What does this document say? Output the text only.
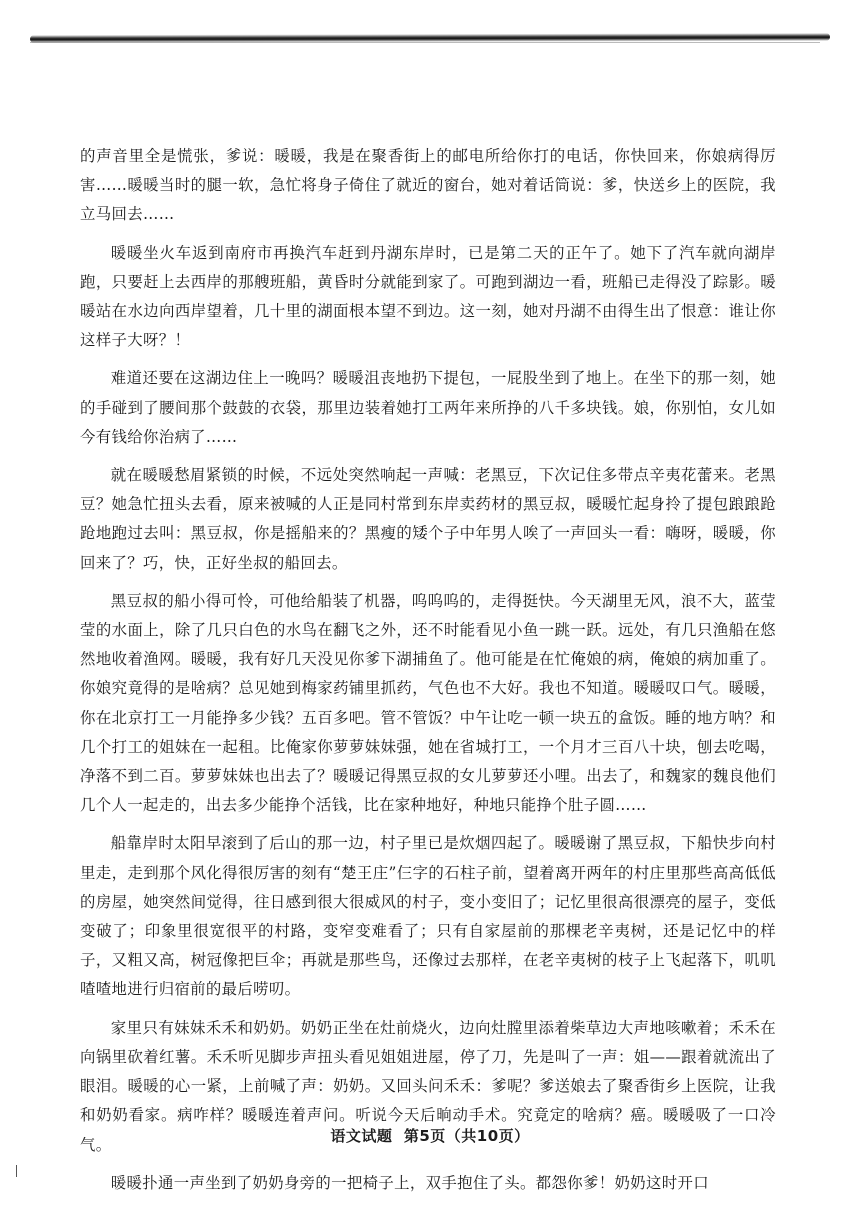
的声音里全是慌张，爹说：暖暖，我是在聚香街上的邮电所给你打的电话，你快回来，你娘病得厉害……暖暖当时的腿一软，急忙将身子倚住了就近的窗台，她对着话筒说：爹，快送乡上的医院，我立马回去……

暖暖坐火车返到南府市再换汽车赶到丹湖东岸时，已是第二天的正午了。她下了汽车就向湖岸跑，只要赶上去西岸的那艘班船，黄昏时分就能到家了。可跑到湖边一看，班船已走得没了踪影。暖暖站在水边向西岸望着，几十里的湖面根本望不到边。这一刻，她对丹湖不由得生出了恨意：谁让你这样子大呀？！

难道还要在这湖边住上一晚吗？暖暖沮丧地扔下提包，一屁股坐到了地上。在坐下的那一刻，她的手碰到了腰间那个鼓鼓的衣袋，那里边装着她打工两年来所挣的八千多块钱。娘，你别怕，女儿如今有钱给你治病了……

就在暖暖愁眉紧锁的时候，不远处突然响起一声喊：老黑豆，下次记住多带点辛夷花蕾来。老黑豆？她急忙扭头去看，原来被喊的人正是同村常到东岸卖药材的黑豆叔，暖暖忙起身拎了提包踉踉跄跄地跑过去叫：黑豆叔，你是摇船来的？黑瘦的矮个子中年男人唉了一声回头一看：嗨呀，暖暖，你回来了？巧，快，正好坐叔的船回去。

黑豆叔的船小得可怜，可他给船装了机器，呜呜呜的，走得挺快。今天湖里无风，浪不大，蓝莹莹的水面上，除了几只白色的水鸟在翻飞之外，还不时能看见小鱼一跳一跃。远处，有几只渔船在悠然地收着渔网。暖暖，我有好几天没见你爹下湖捕鱼了。他可能是在忙俺娘的病，俺娘的病加重了。你娘究竟得的是啥病？总见她到梅家药铺里抓药，气色也不大好。我也不知道。暖暖叹口气。暖暖，你在北京打工一月能挣多少钱？五百多吧。管不管饭？中午让吃一顿一块五的盒饭。睡的地方呐？和几个打工的姐妹在一起租。比俺家你萝萝妹妹强，她在省城打工，一个月才三百八十块，刨去吃喝，净落不到二百。萝萝妹妹也出去了？暖暖记得黑豆叔的女儿萝萝还小哩。出去了，和魏家的魏良他们几个人一起走的，出去多少能挣个活钱，比在家种地好，种地只能挣个肚子圆……

船靠岸时太阳早滚到了后山的那一边，村子里已是炊烟四起了。暖暖谢了黑豆叔，下船快步向村里走，走到那个风化得很厉害的刻有“楚王庄”仨字的石柱子前，望着离开两年的村庄里那些高高低低的房屋，她突然间觉得，往日感到很大很威风的村子，变小变旧了；记忆里很高很漂亮的屋子，变低变破了；印象里很宽很平的村路，变窄变难看了；只有自家屋前的那棵老辛夷树，还是记忆中的样子，又粗又高，树冠像把巨伞；再就是那些鸟，还像过去那样，在老辛夷树的枝子上飞起落下，叽叽喳喳地进行归宿前的最后唠叨。

家里只有妹妹禾禾和奶奶。奶奶正坐在灶前烧火，边向灶膛里添着柴草边大声地咳嗽着；禾禾在向锅里砍着红薯。禾禾听见脚步声扭头看见姐姐进屋，停了刀，先是叫了一声：姐——跟着就流出了眼泪。暖暖的心一紧，上前喊了声：奶奶。又回头问禾禾：爹呢？爹送娘去了聚香街乡上医院，让我和奶奶看家。病咋样？暖暖连着声问。听说今天后晌动手术。究竟定的啥病？癌。暖暖吸了一口冷气。

暖暖扑通一声坐到了奶奶身旁的一把椅子上，双手抱住了头。都怨你爹！奶奶这时开口

语文试题 第5页（共10页）
